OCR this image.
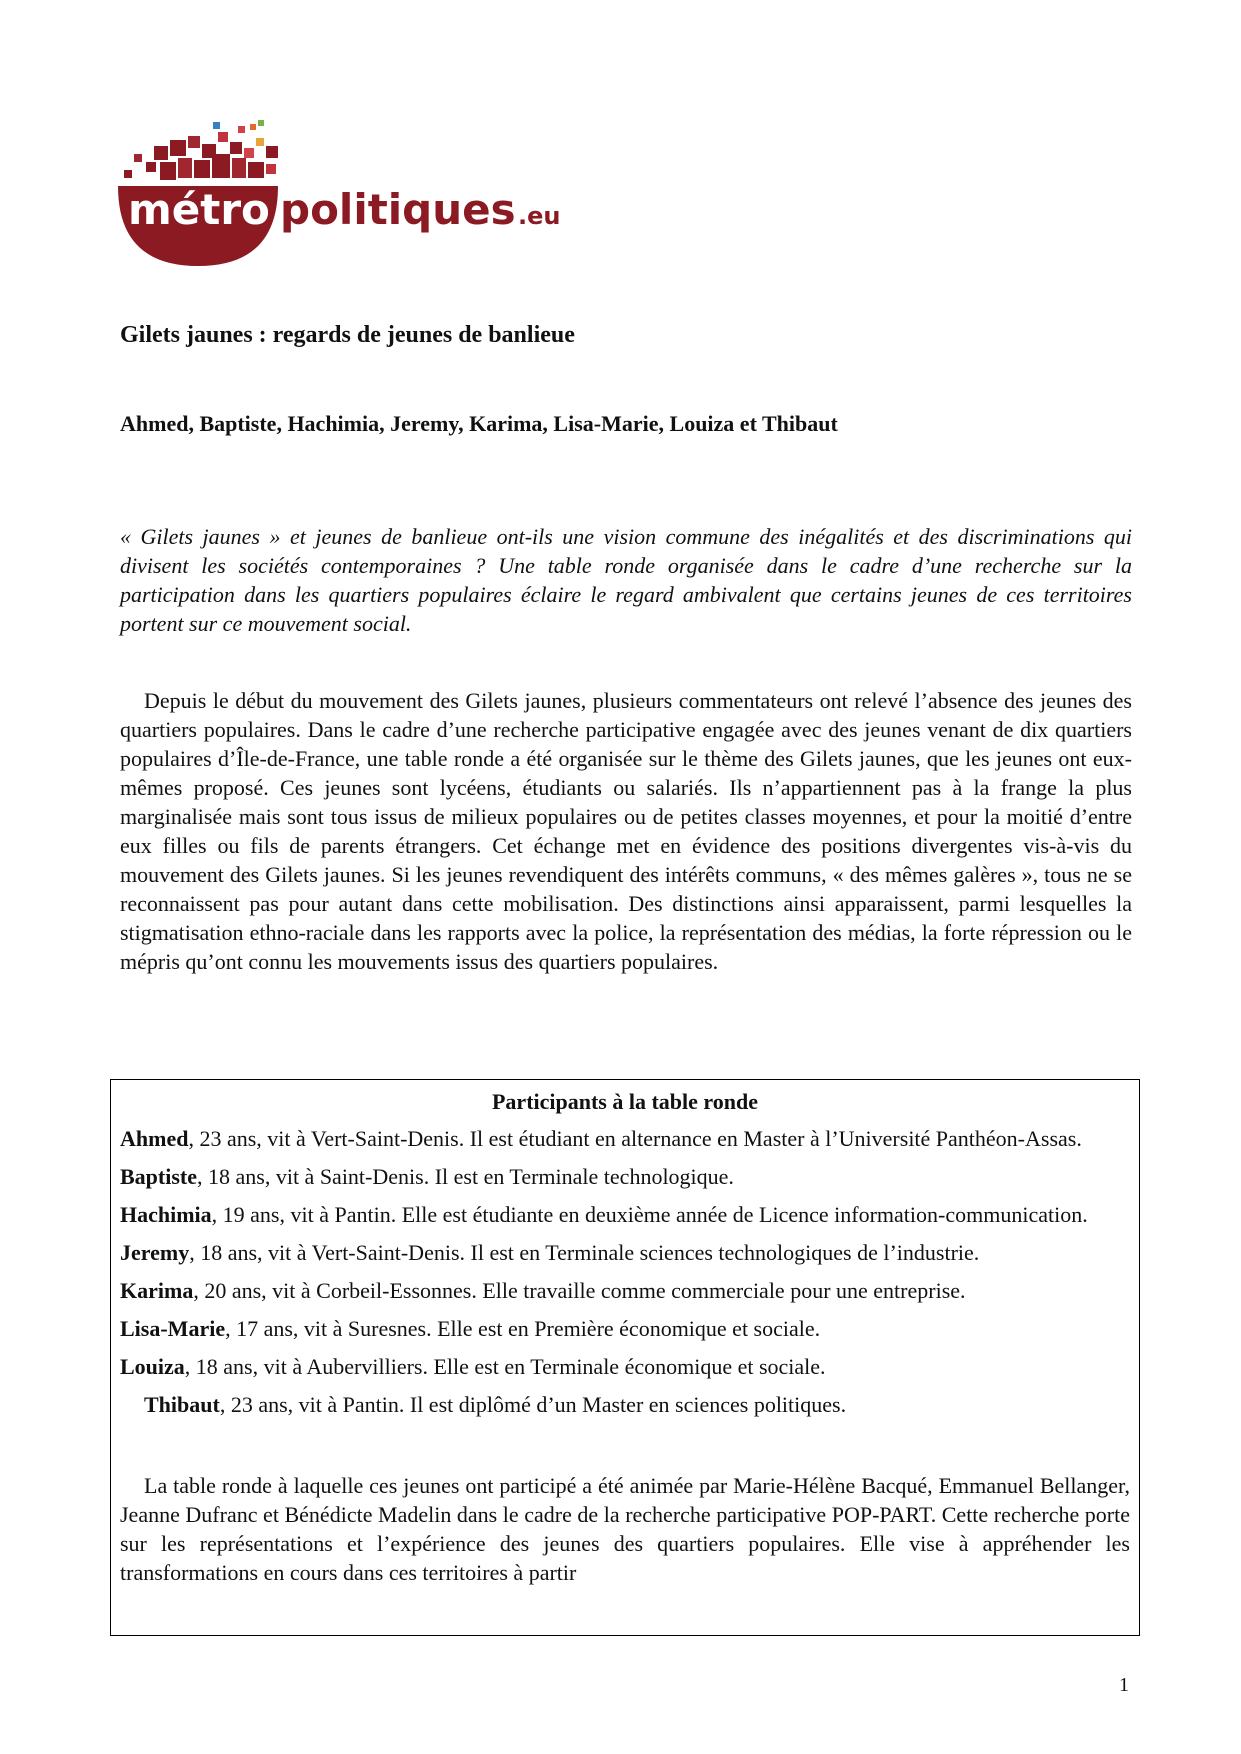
métro politiques .eu
Gilets jaunes : regards de jeunes de banlieue

Ahmed, Baptiste, Hachimia, Jeremy, Karima, Lisa-Marie, Louiza et Thibaut

« Gilets jaunes » et jeunes de banlieue ont-ils une vision commune des inégalités et des discriminations qui divisent les sociétés contemporaines ? Une table ronde organisée dans le cadre d’une recherche sur la participation dans les quartiers populaires éclaire le regard ambivalent que certains jeunes de ces territoires portent sur ce mouvement social.

Depuis le début du mouvement des Gilets jaunes, plusieurs commentateurs ont relevé l’absence des jeunes des quartiers populaires. Dans le cadre d’une recherche participative engagée avec des jeunes venant de dix quartiers populaires d’Île-de-France, une table ronde a été organisée sur le thème des Gilets jaunes, que les jeunes ont eux-mêmes proposé. Ces jeunes sont lycéens, étudiants ou salariés. Ils n’appartiennent pas à la frange la plus marginalisée mais sont tous issus de milieux populaires ou de petites classes moyennes, et pour la moitié d’entre eux filles ou fils de parents étrangers. Cet échange met en évidence des positions divergentes vis-à-vis du mouvement des Gilets jaunes. Si les jeunes revendiquent des intérêts communs, « des mêmes galères », tous ne se reconnaissent pas pour autant dans cette mobilisation. Des distinctions ainsi apparaissent, parmi lesquelles la stigmatisation ethno-raciale dans les rapports avec la police, la représentation des médias, la forte répression ou le mépris qu’ont connu les mouvements issus des quartiers populaires.

Participants à la table ronde

Ahmed, 23 ans, vit à Vert-Saint-Denis. Il est étudiant en alternance en Master à l’Université Panthéon-Assas.
Baptiste, 18 ans, vit à Saint-Denis. Il est en Terminale technologique.
Hachimia, 19 ans, vit à Pantin. Elle est étudiante en deuxième année de Licence information-communication.
Jeremy, 18 ans, vit à Vert-Saint-Denis. Il est en Terminale sciences technologiques de l’industrie.
Karima, 20 ans, vit à Corbeil-Essonnes. Elle travaille comme commerciale pour une entreprise.
Lisa-Marie, 17 ans, vit à Suresnes. Elle est en Première économique et sociale.
Louiza, 18 ans, vit à Aubervilliers. Elle est en Terminale économique et sociale.
Thibaut, 23 ans, vit à Pantin. Il est diplômé d’un Master en sciences politiques.

La table ronde à laquelle ces jeunes ont participé a été animée par Marie-Hélène Bacqué, Emmanuel Bellanger, Jeanne Dufranc et Bénédicte Madelin dans le cadre de la recherche participative POP-PART. Cette recherche porte sur les représentations et l’expérience des jeunes des quartiers populaires. Elle vise à appréhender les transformations en cours dans ces territoires à partir

1
